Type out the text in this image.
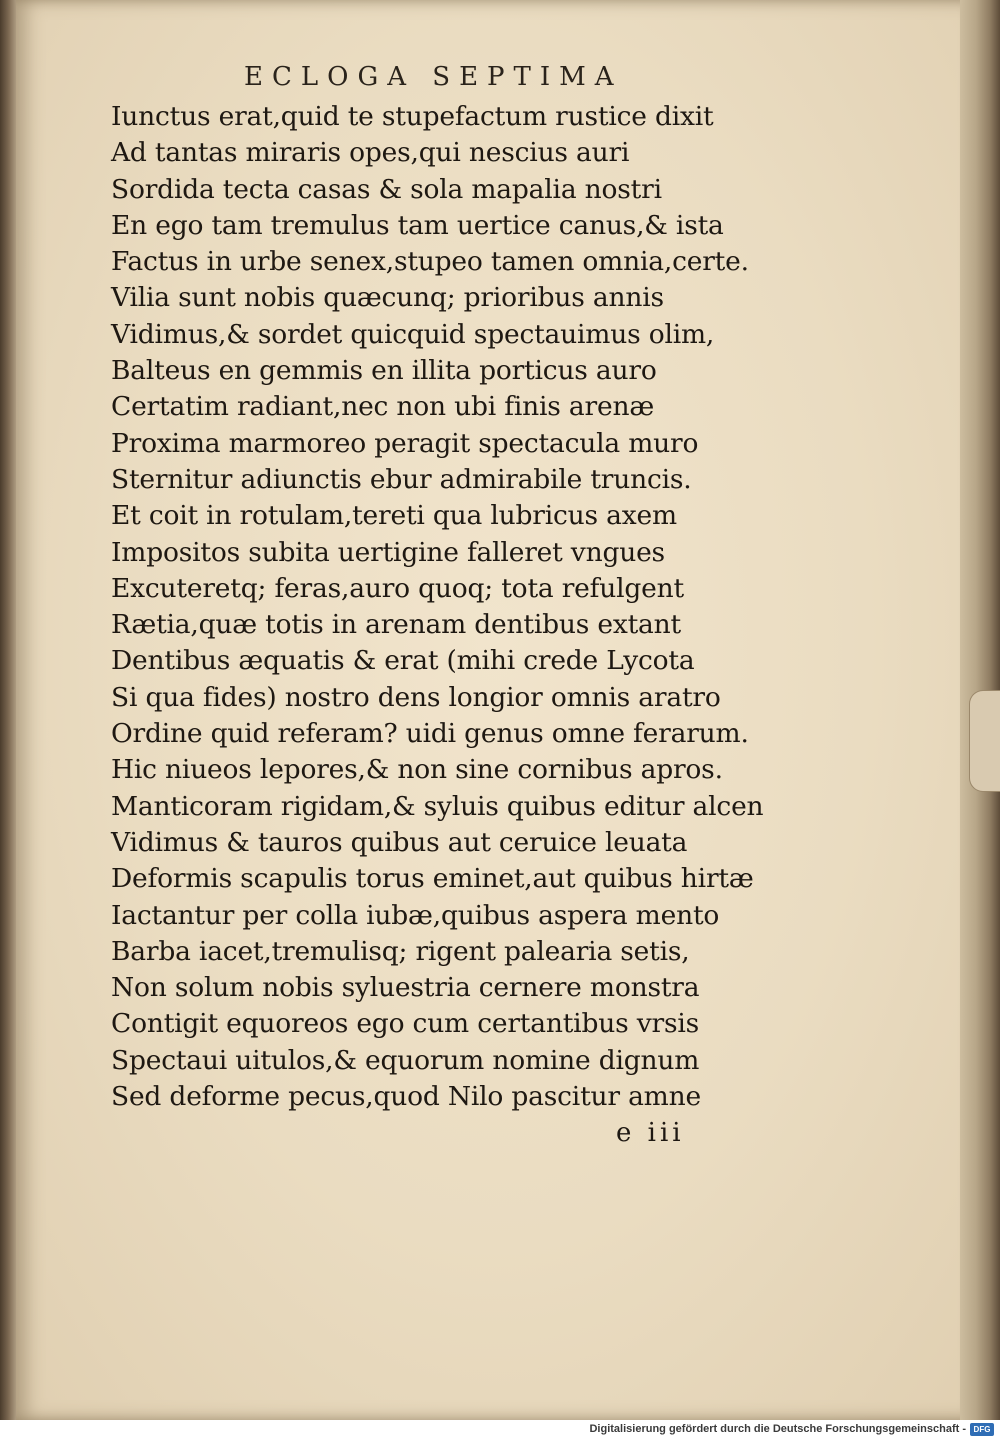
ECLOGA SEPTIMA
Iunctus erat,quid te stupefactum rustice dixit
Ad tantas miraris opes,qui nescius auri
Sordida tecta casas & sola mapalia nostri
En ego tam tremulus tam uertice canus,& ista
Factus in urbe senex,stupeo tamen omnia,certe.
Vilia sunt nobis quæcunq; prioribus annis
Vidimus,& sordet quicquid spectauimus olim,
Balteus en gemmis en illita porticus auro
Certatim radiant,nec non ubi finis arenæ
Proxima marmoreo peragit spectacula muro
Sternitur adiunctis ebur admirabile truncis.
Et coit in rotulam,tereti qua lubricus axem
Impositos subita uertigine falleret vngues
Excuteretq; feras,auro quoq; tota refulgent
Rætia,quæ totis in arenam dentibus extant
Dentibus æquatis & erat (mihi crede Lycota
Si qua fides) nostro dens longior omnis aratro
Ordine quid referam? uidi genus omne ferarum.
Hic niueos lepores,& non sine cornibus apros.
Manticoram rigidam,& syluis quibus editur alcen
Vidimus & tauros quibus aut ceruice leuata
Deformis scapulis torus eminet,aut quibus hirtæ
Iactantur per colla iubæ,quibus aspera mento
Barba iacet,tremulisq; rigent palearia setis,
Non solum nobis syluestria cernere monstra
Contigit equoreos ego cum certantibus vrsis
Spectaui uitulos,& equorum nomine dignum
Sed deforme pecus,quod Nilo pascitur amne
e iii
Digitalisierung gefördert durch die Deutsche Forschungsgemeinschaft - DFG
